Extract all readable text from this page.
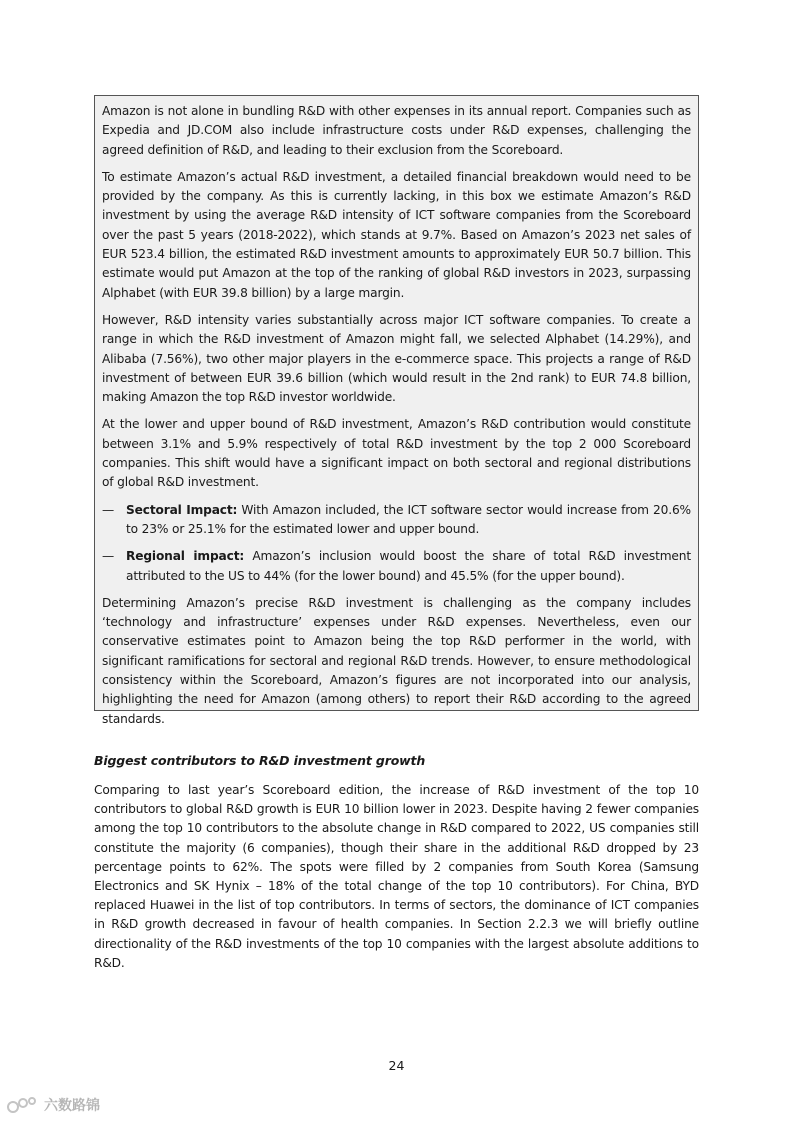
Amazon is not alone in bundling R&D with other expenses in its annual report. Companies such as Expedia and JD.COM also include infrastructure costs under R&D expenses, challenging the agreed definition of R&D, and leading to their exclusion from the Scoreboard.

To estimate Amazon’s actual R&D investment, a detailed financial breakdown would need to be provided by the company. As this is currently lacking, in this box we estimate Amazon’s R&D investment by using the average R&D intensity of ICT software companies from the Scoreboard over the past 5 years (2018-2022), which stands at 9.7%. Based on Amazon’s 2023 net sales of EUR 523.4 billion, the estimated R&D investment amounts to approximately EUR 50.7 billion. This estimate would put Amazon at the top of the ranking of global R&D investors in 2023, surpassing Alphabet (with EUR 39.8 billion) by a large margin.

However, R&D intensity varies substantially across major ICT software companies. To create a range in which the R&D investment of Amazon might fall, we selected Alphabet (14.29%), and Alibaba (7.56%), two other major players in the e-commerce space. This projects a range of R&D investment of between EUR 39.6 billion (which would result in the 2nd rank) to EUR 74.8 billion, making Amazon the top R&D investor worldwide.

At the lower and upper bound of R&D investment, Amazon’s R&D contribution would constitute between 3.1% and 5.9% respectively of total R&D investment by the top 2 000 Scoreboard companies. This shift would have a significant impact on both sectoral and regional distributions of global R&D investment.

— Sectoral Impact: With Amazon included, the ICT software sector would increase from 20.6% to 23% or 25.1% for the estimated lower and upper bound.
— Regional impact: Amazon’s inclusion would boost the share of total R&D investment attributed to the US to 44% (for the lower bound) and 45.5% (for the upper bound).

Determining Amazon’s precise R&D investment is challenging as the company includes ‘technology and infrastructure’ expenses under R&D expenses. Nevertheless, even our conservative estimates point to Amazon being the top R&D performer in the world, with significant ramifications for sectoral and regional R&D trends. However, to ensure methodological consistency within the Scoreboard, Amazon’s figures are not incorporated into our analysis, highlighting the need for Amazon (among others) to report their R&D according to the agreed standards.

Biggest contributors to R&D investment growth

Comparing to last year’s Scoreboard edition, the increase of R&D investment of the top 10 contributors to global R&D growth is EUR 10 billion lower in 2023. Despite having 2 fewer companies among the top 10 contributors to the absolute change in R&D compared to 2022, US companies still constitute the majority (6 companies), though their share in the additional R&D dropped by 23 percentage points to 62%. The spots were filled by 2 companies from South Korea (Samsung Electronics and SK Hynix – 18% of the total change of the top 10 contributors). For China, BYD replaced Huawei in the list of top contributors. In terms of sectors, the dominance of ICT companies in R&D growth decreased in favour of health companies. In Section 2.2.3 we will briefly outline directionality of the R&D investments of the top 10 companies with the largest absolute additions to R&D.

24
六数路锦
